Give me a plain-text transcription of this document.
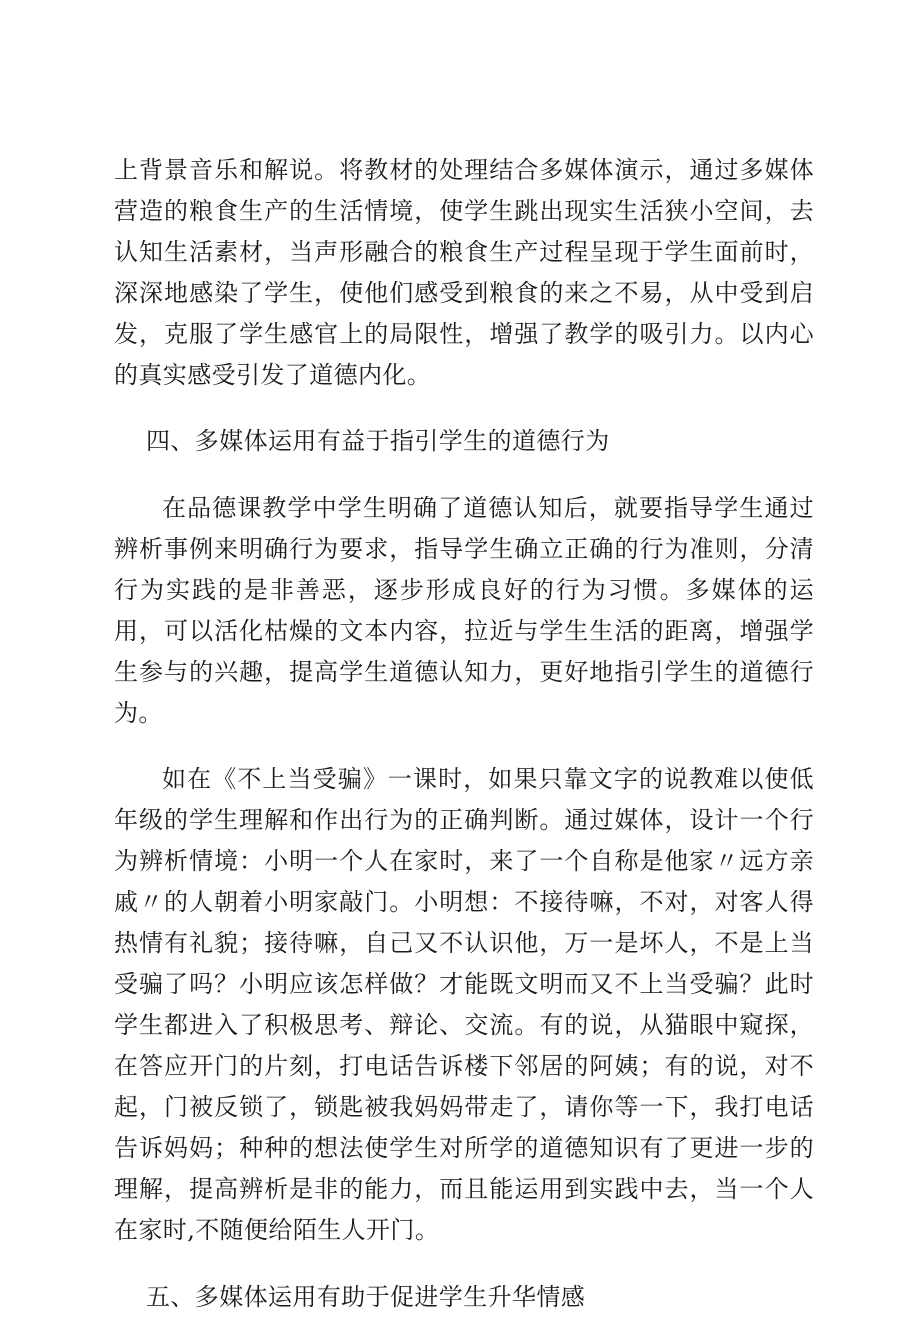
上背景音乐和解说。将教材的处理结合多媒体演示，通过多媒体营造的粮食生产的生活情境，使学生跳出现实生活狭小空间，去认知生活素材，当声形融合的粮食生产过程呈现于学生面前时，深深地感染了学生，使他们感受到粮食的来之不易，从中受到启发，克服了学生感官上的局限性，增强了教学的吸引力。以内心的真实感受引发了道德内化。

四、多媒体运用有益于指引学生的道德行为

在品德课教学中学生明确了道德认知后，就要指导学生通过辨析事例来明确行为要求，指导学生确立正确的行为准则，分清行为实践的是非善恶，逐步形成良好的行为习惯。多媒体的运用，可以活化枯燥的文本内容，拉近与学生生活的距离，增强学生参与的兴趣，提高学生道德认知力，更好地指引学生的道德行为。

如在《不上当受骗》一课时，如果只靠文字的说教难以使低年级的学生理解和作出行为的正确判断。通过媒体，设计一个行为辨析情境：小明一个人在家时，来了一个自称是他家〃远方亲戚〃的人朝着小明家敲门。小明想：不接待嘛，不对，对客人得热情有礼貌；接待嘛，自己又不认识他，万一是坏人，不是上当受骗了吗？小明应该怎样做？才能既文明而又不上当受骗？此时学生都进入了积极思考、辩论、交流。有的说，从猫眼中窥探，在答应开门的片刻，打电话告诉楼下邻居的阿姨；有的说，对不起，门被反锁了，锁匙被我妈妈带走了，请你等一下，我打电话告诉妈妈；种种的想法使学生对所学的道德知识有了更进一步的理解，提高辨析是非的能力，而且能运用到实践中去，当一个人在家时,不随便给陌生人开门。

五、多媒体运用有助于促进学生升华情感
